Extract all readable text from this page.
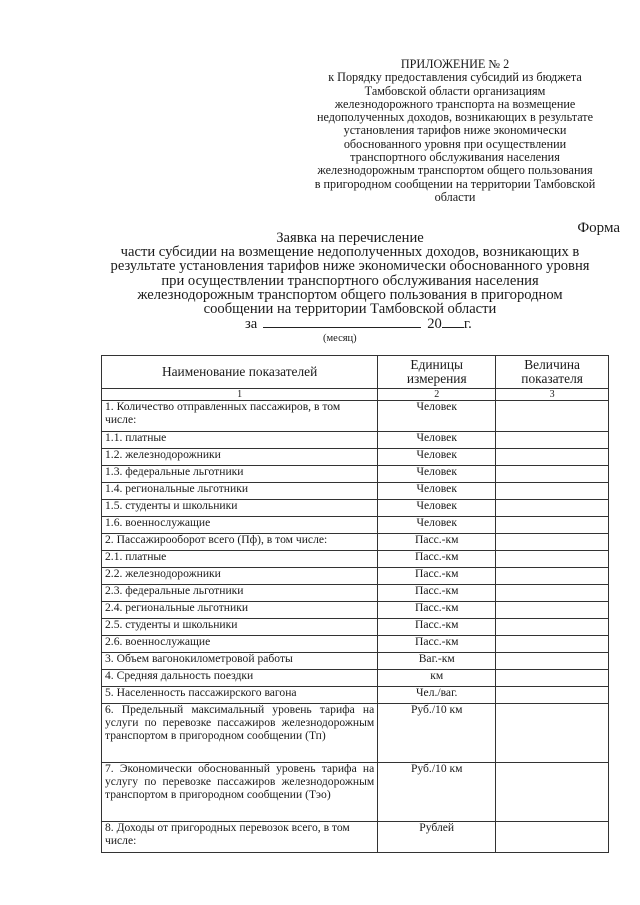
ПРИЛОЖЕНИЕ № 2
к Порядку предоставления субсидий из бюджета
Тамбовской области организациям
железнодорожного транспорта на возмещение
недополученных доходов, возникающих в результате
установления тарифов ниже экономически
обоснованного уровня при осуществлении
транспортного обслуживания населения
железнодорожным транспортом общего пользования
в пригородном сообщении на территории Тамбовской
области
Форма
Заявка на перечисление
части субсидии на возмещение недополученных доходов, возникающих в
результате установления тарифов ниже экономически обоснованного уровня
при осуществлении транспортного обслуживания населения
железнодорожным транспортом общего пользования в пригородном
сообщении на территории Тамбовской области
за	20 г.
(месяц)
Наименование показателей	Единицы измерения	Величина показателя
1	2	3
1. Количество отправленных пассажиров, в том числе:	Человек	
1.1. платные	Человек	
1.2. железнодорожники	Человек	
1.3. федеральные льготники	Человек	
1.4. региональные льготники	Человек	
1.5. студенты и школьники	Человек	
1.6. военнослужащие	Человек	
2. Пассажирооборот всего (Пф), в том числе:	Пасс.-км	
2.1. платные	Пасс.-км	
2.2. железнодорожники	Пасс.-км	
2.3. федеральные льготники	Пасс.-км	
2.4. региональные льготники	Пасс.-км	
2.5. студенты и школьники	Пасс.-км	
2.6. военнослужащие	Пасс.-км	
3. Объем вагонокилометровой работы	Ваг.-км	
4. Средняя дальность поездки	км	
5. Населенность пассажирского вагона	Чел./ваг.	
6. Предельный максимальный уровень тарифа на услуги по перевозке пассажиров железнодорожным транспортом в пригородном сообщении (Тп)	Руб./10 км	
7. Экономически обоснованный уровень тарифа на услугу по перевозке пассажиров железнодорожным транспортом в пригородном сообщении (Тэо)	Руб./10 км	
8. Доходы от пригородных перевозок всего, в том числе:	Рублей	
